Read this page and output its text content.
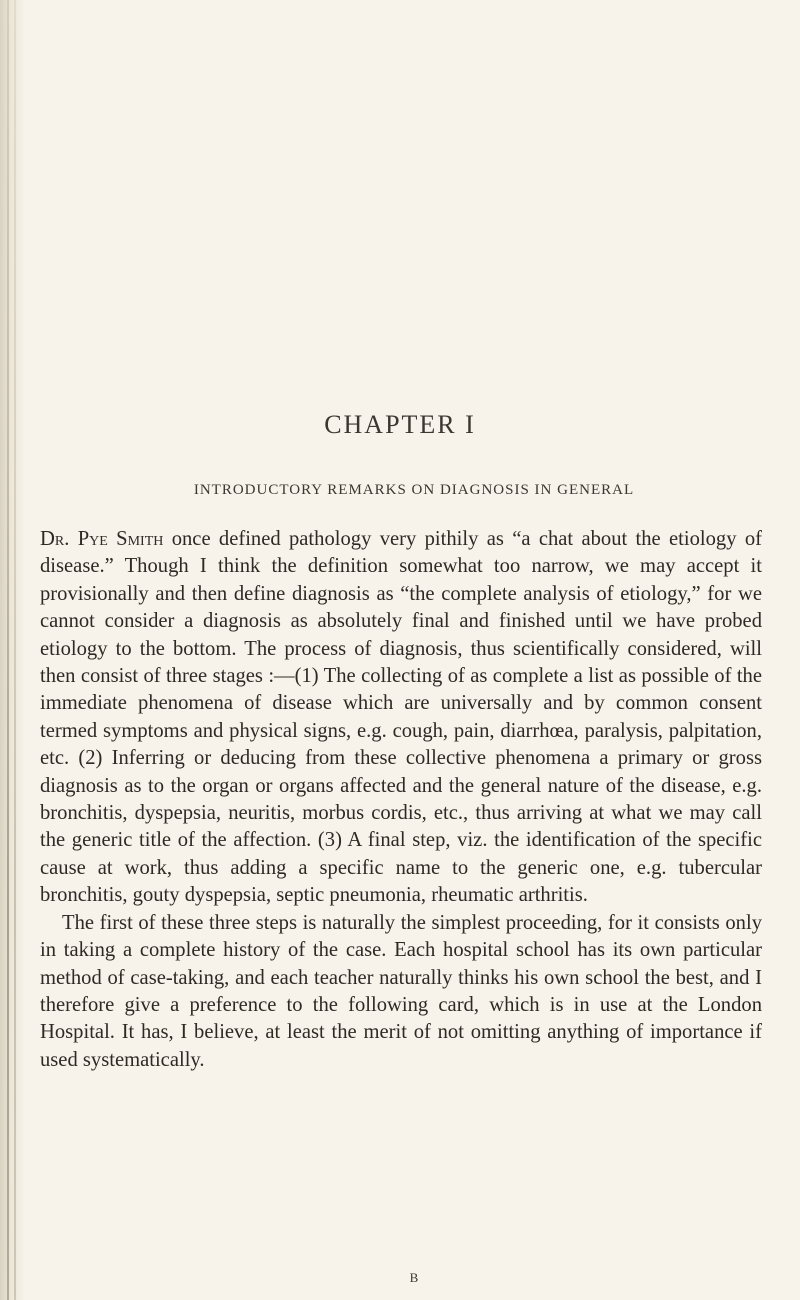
CHAPTER I
INTRODUCTORY REMARKS ON DIAGNOSIS IN GENERAL

Dr. Pye Smith once defined pathology very pithily as “a chat about the etiology of disease.” Though I think the definition somewhat too narrow, we may accept it provisionally and then define diagnosis as “the complete analysis of etiology,” for we cannot consider a diagnosis as absolutely final and finished until we have probed etiology to the bottom. The process of diagnosis, thus scientifically considered, will then consist of three stages :—(1) The collecting of as complete a list as possible of the immediate phenomena of disease which are universally and by common consent termed symptoms and physical signs, e.g. cough, pain, diarrhœa, paralysis, palpitation, etc. (2) Inferring or deducing from these collective phenomena a primary or gross diagnosis as to the organ or organs affected and the general nature of the disease, e.g. bronchitis, dyspepsia, neuritis, morbus cordis, etc., thus arriving at what we may call the generic title of the affection. (3) A final step, viz. the identification of the specific cause at work, thus adding a specific name to the generic one, e.g. tubercular bronchitis, gouty dyspepsia, septic pneumonia, rheumatic arthritis.

The first of these three steps is naturally the simplest proceeding, for it consists only in taking a complete history of the case. Each hospital school has its own particular method of case-taking, and each teacher naturally thinks his own school the best, and I therefore give a preference to the following card, which is in use at the London Hospital. It has, I believe, at least the merit of not omitting anything of importance if used systematically.

B
